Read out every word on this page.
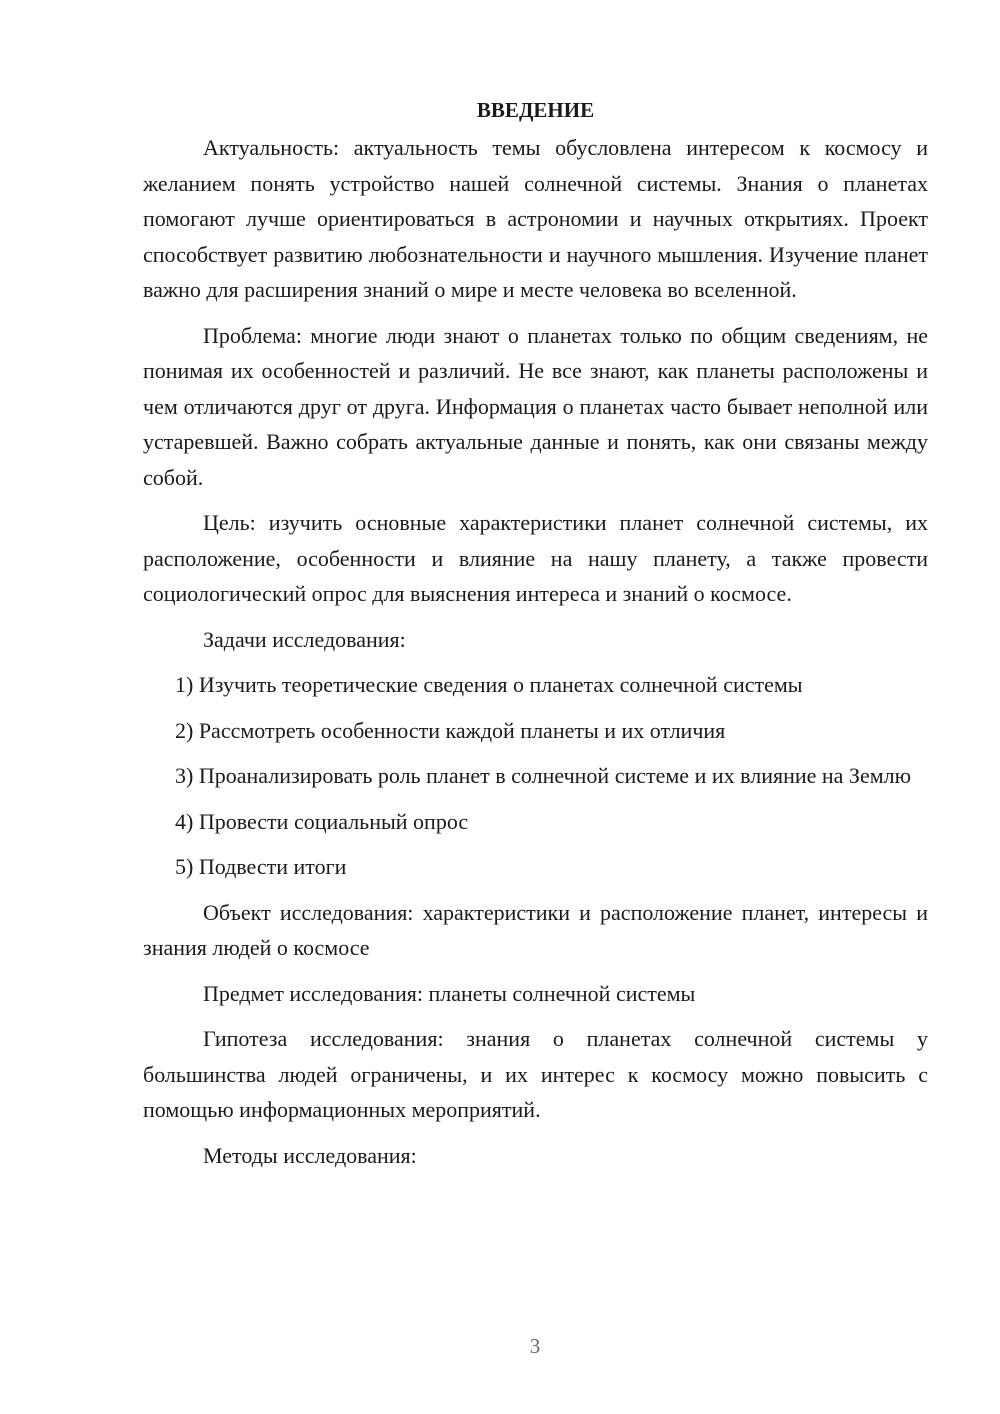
ВВЕДЕНИЕ

Актуальность: актуальность темы обусловлена интересом к космосу и желанием понять устройство нашей солнечной системы. Знания о планетах помогают лучше ориентироваться в астрономии и научных открытиях. Проект способствует развитию любознательности и научного мышления. Изучение планет важно для расширения знаний о мире и месте человека во вселенной.

Проблема: многие люди знают о планетах только по общим сведениям, не понимая их особенностей и различий. Не все знают, как планеты расположены и чем отличаются друг от друга. Информация о планетах часто бывает неполной или устаревшей. Важно собрать актуальные данные и понять, как они связаны между собой.

Цель: изучить основные характеристики планет солнечной системы, их расположение, особенности и влияние на нашу планету, а также провести социологический опрос для выяснения интереса и знаний о космосе.

Задачи исследования:

1) Изучить теоретические сведения о планетах солнечной системы

2) Рассмотреть особенности каждой планеты и их отличия

3) Проанализировать роль планет в солнечной системе и их влияние на Землю

4) Провести социальный опрос

5) Подвести итоги

Объект исследования: характеристики и расположение планет, интересы и знания людей о космосе

Предмет исследования: планеты солнечной системы

Гипотеза исследования: знания о планетах солнечной системы у большинства людей ограничены, и их интерес к космосу можно повысить с помощью информационных мероприятий.

Методы исследования:

3
